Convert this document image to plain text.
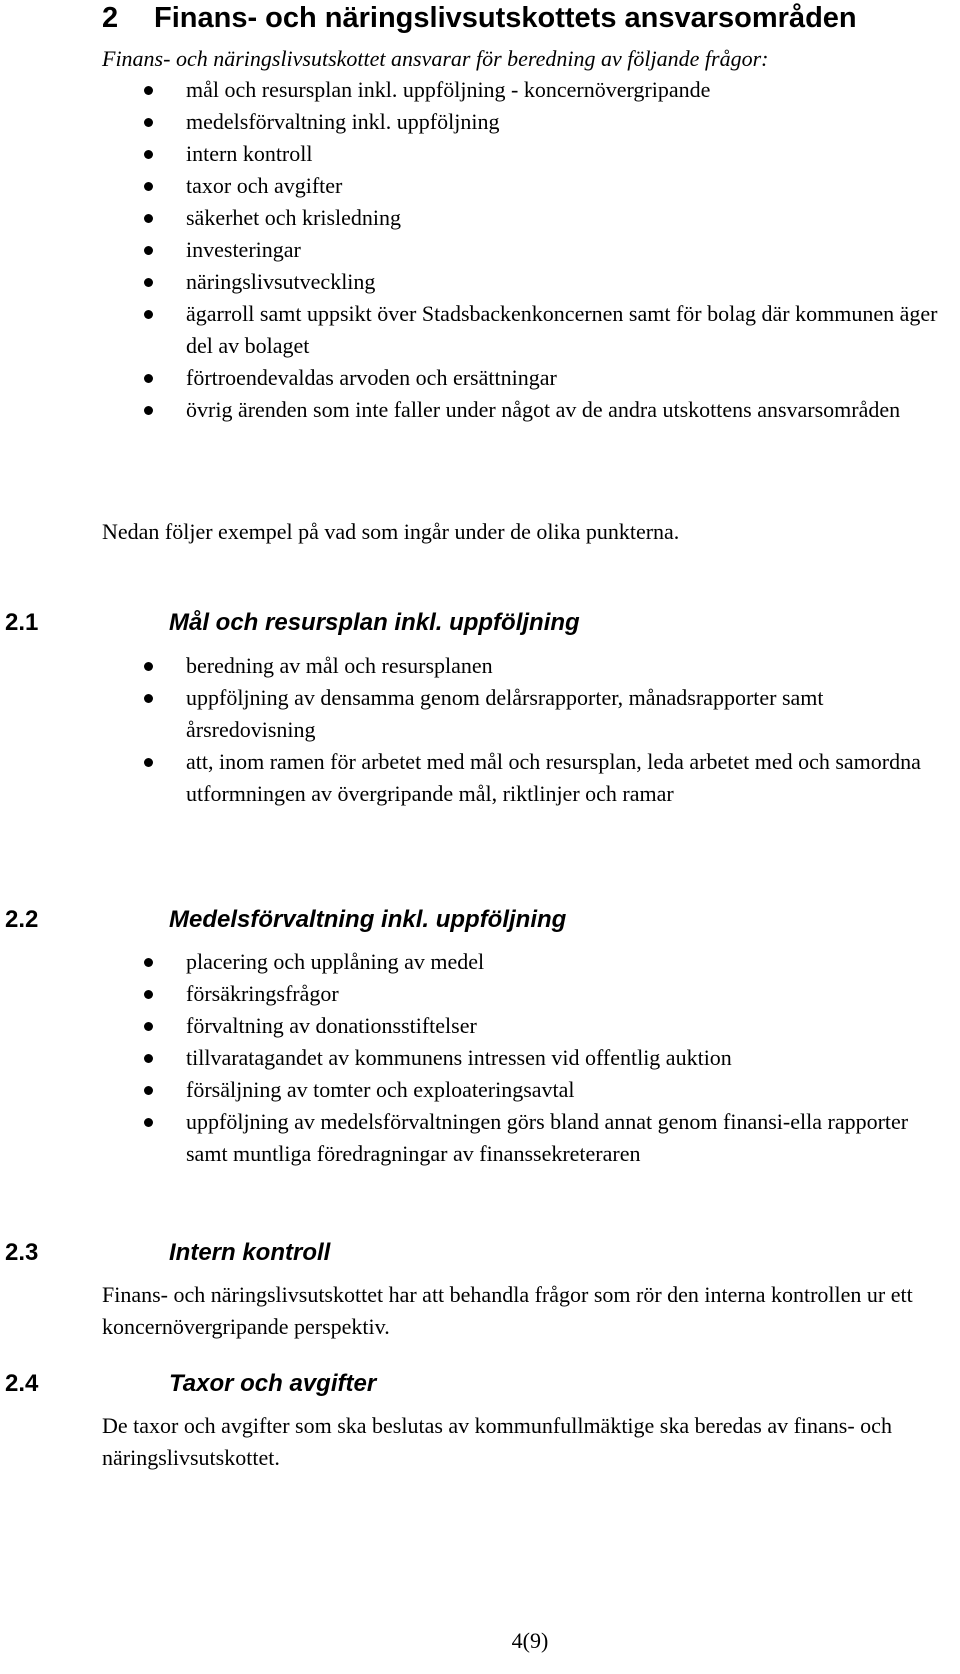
2 Finans- och näringslivsutskottets ansvarsområden
Finans- och näringslivsutskottet ansvarar för beredning av följande frågor:
mål och resursplan inkl. uppföljning - koncernövergripande
medelsförvaltning inkl. uppföljning
intern kontroll
taxor och avgifter
säkerhet och krisledning
investeringar
näringslivsutveckling
ägarroll samt uppsikt över Stadsbackenkoncernen samt för bolag där kommunen äger del av bolaget
förtroendevaldas arvoden och ersättningar
övrig ärenden som inte faller under något av de andra utskottens ansvarsområden
Nedan följer exempel på vad som ingår under de olika punkterna.
2.1	Mål och resursplan inkl. uppföljning
beredning av mål och resursplanen
uppföljning av densamma genom delårsrapporter, månadsrapporter samt årsredovisning
att, inom ramen för arbetet med mål och resursplan, leda arbetet med och samordna utformningen av övergripande mål, riktlinjer och ramar
2.2	Medelsförvaltning inkl. uppföljning
placering och upplåning av medel
försäkringsfrågor
förvaltning av donationsstiftelser
tillvaratagandet av kommunens intressen vid offentlig auktion
försäljning av tomter och exploateringsavtal
uppföljning av medelsförvaltningen görs bland annat genom finansi-ella rapporter samt muntliga föredragningar av finanssekreteraren
2.3	Intern kontroll
Finans- och näringslivsutskottet har att behandla frågor som rör den interna kontrollen ur ett koncernövergripande perspektiv.
2.4	Taxor och avgifter
De taxor och avgifter som ska beslutas av kommunfullmäktige ska beredas av finans- och näringslivsutskottet.
4(9)
